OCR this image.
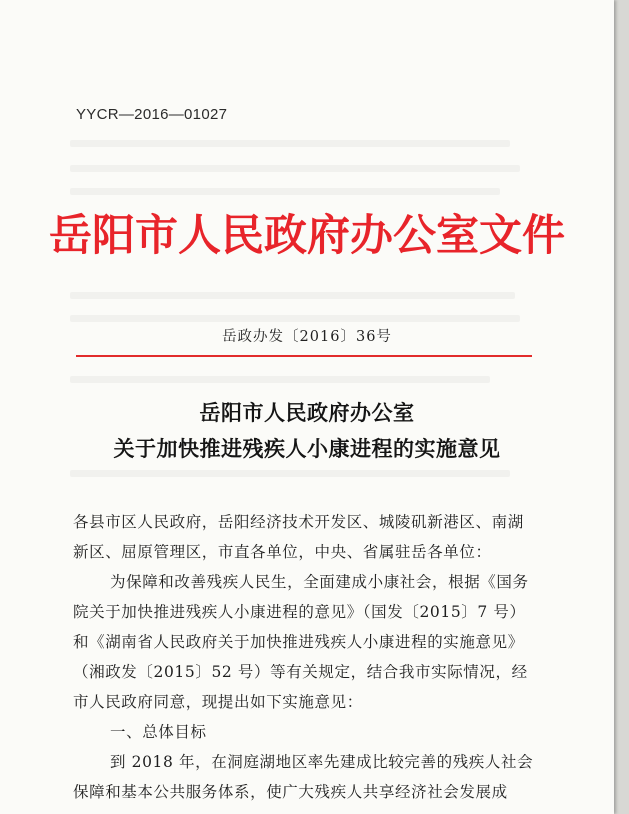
YYCR—2016—01027
岳阳市人民政府办公室文件
岳政办发〔2016〕36号
岳阳市人民政府办公室
关于加快推进残疾人小康进程的实施意见
各县市区人民政府，岳阳经济技术开发区、城陵矶新港区、南湖
新区、屈原管理区，市直各单位，中央、省属驻岳各单位：
为保障和改善残疾人民生，全面建成小康社会，根据《国务
院关于加快推进残疾人小康进程的意见》（国发〔2015〕7 号）
和《湖南省人民政府关于加快推进残疾人小康进程的实施意见》
（湘政发〔2015〕52 号）等有关规定，结合我市实际情况，经
市人民政府同意，现提出如下实施意见：
一、总体目标
到 2018 年，在洞庭湖地区率先建成比较完善的残疾人社会
保障和基本公共服务体系，使广大残疾人共享经济社会发展成
